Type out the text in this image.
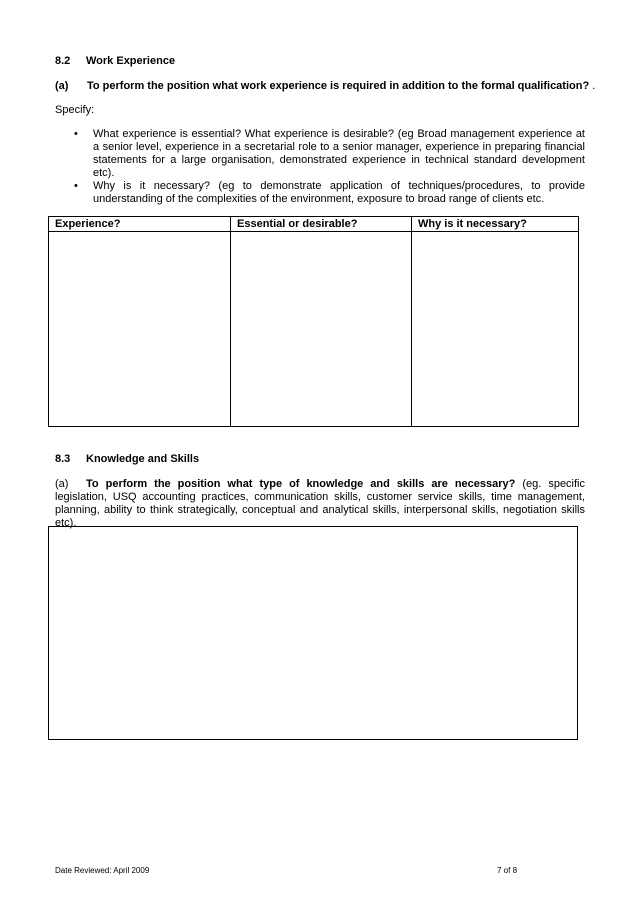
8.2 Work Experience
(a) To perform the position what work experience is required in addition to the formal qualification? .
Specify:
• What experience is essential? What experience is desirable? (eg Broad management experience at a senior level, experience in a secretarial role to a senior manager, experience in preparing financial statements for a large organisation, demonstrated experience in technical standard development etc).
• Why is it necessary? (eg to demonstrate application of techniques/procedures, to provide understanding of the complexities of the environment, exposure to broad range of clients etc.
Experience?	Essential or desirable?	Why is it necessary?
8.3 Knowledge and Skills
(a) To perform the position what type of knowledge and skills are necessary? (eg. specific legislation, USQ accounting practices, communication skills, customer service skills, time management, planning, ability to think strategically, conceptual and analytical skills, interpersonal skills, negotiation skills etc).
Date Reviewed: April 2009	7 of 8
